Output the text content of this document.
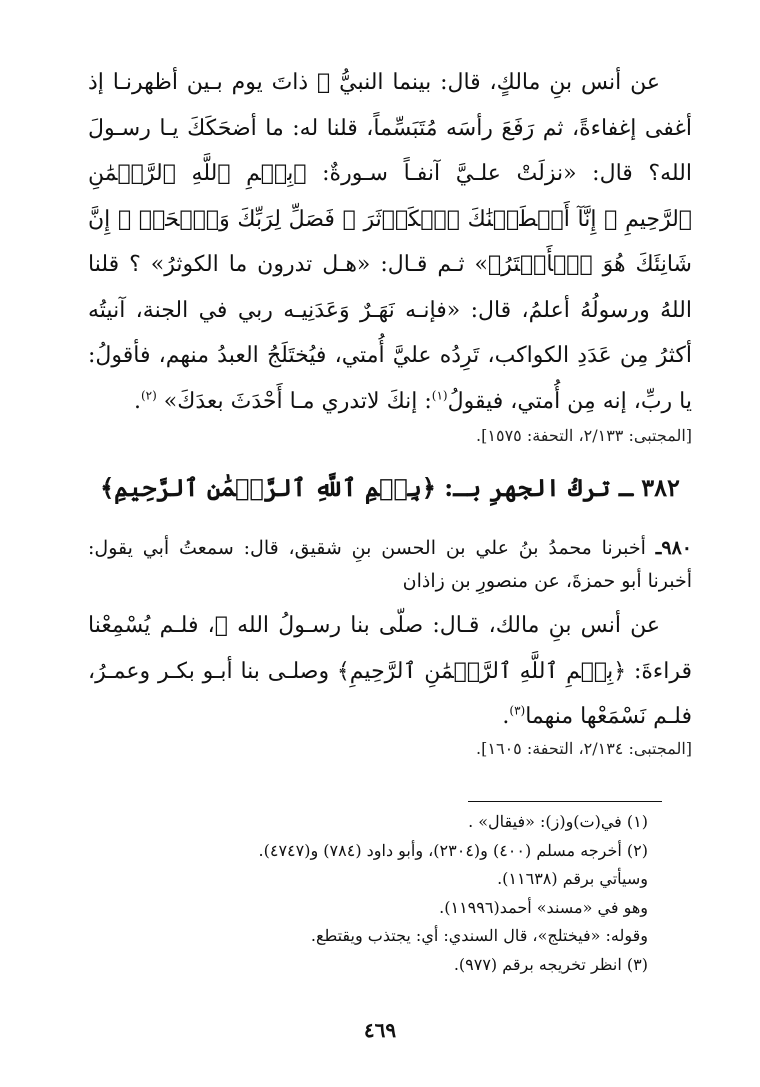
عن أنس بنِ مالكٍ، قال: بينما النبيُّ ﷺ ذاتَ يوم بـين أظهرنـا إذ أغفى إغفاءةً، ثم رَفَعَ رأسَه مُتَبَسِّماً، قلنا له: ما أضحَكَكَ يـا رسـولَ الله؟ قال: «نزلَتْ علـيَّ آنفـاً سـورةٌ: ﴿بِسۡمِ ٱللَّهِ ٱلرَّحۡمَٰنِ ٱلرَّحِيمِ ۞ إِنَّآ أَعۡطَيۡنَٰكَ ٱلۡكَوۡثَرَ ۞ فَصَلِّ لِرَبِّكَ وَٱنۡحَرۡ ۞ إِنَّ شَانِئَكَ هُوَ ٱلۡأَبۡتَرُ﴾» ثـم قـال: «هـل تدرون ما الكوثرُ» ؟ قلنا اللهُ ورسولُهُ أعلمُ، قال: «فإنـه نَهَـرٌ وَعَدَنِيـه ربي في الجنة، آنيتُه أكثرُ مِن عَدَدِ الكواكب، تَرِدُه عليَّ أُمتي، فيُختَلَجُ العبدُ منهم، فأقولُ: يا ربِّ، إنه مِن أُمتي، فيقولُ$^{(١)}$: إنكَ لاتدري مـا أَحْدَثَ بعدَكَ» $^{(٢)}$.

[المجتبى: ٢/١٣٣، التحفة: ١٥٧٥].
٣٨٢ ـ تركُ الجهرِ بـ: ﴿بِسۡمِ ٱللَّهِ ٱلرَّحۡمَٰنِ ٱلرَّحِيمِ﴾

٩٨٠ـ أخبرنا محمدُ بنُ علي بن الحسن بنِ شقيق، قال: سمعتُ أبي يقول: أخبرنا أبو حمزةَ، عن منصورِ بن زاذان

عن أنس بنِ مالك، قـال: صلّى بنا رسـولُ الله ﷺ، فلـم يُسْمِعْنا قراءةَ: ﴿بِسۡمِ ٱللَّهِ ٱلرَّحۡمَٰنِ ٱلرَّحِيمِ﴾ وصلـى بنا أبـو بكـر وعمـرُ، فلـم نَسْمَعْها منهما$^{(٣)}$.

[المجتبى: ٢/١٣٤، التحفة: ١٦٠٥].
(١) في(ت)و(ز): «فيقال» .
(٢) أخرجه مسلم (٤٠٠) و(٢٣٠٤)، وأبو داود (٧٨٤) و(٤٧٤٧).
وسيأتي برقم (١١٦٣٨).
وهو في «مسند» أحمد(١١٩٩٦).
وقوله: «فيختلج»، قال السندي: أي: يجتذب ويقتطع.
(٣) انظر تخريجه برقم (٩٧٧).
٤٦٩
